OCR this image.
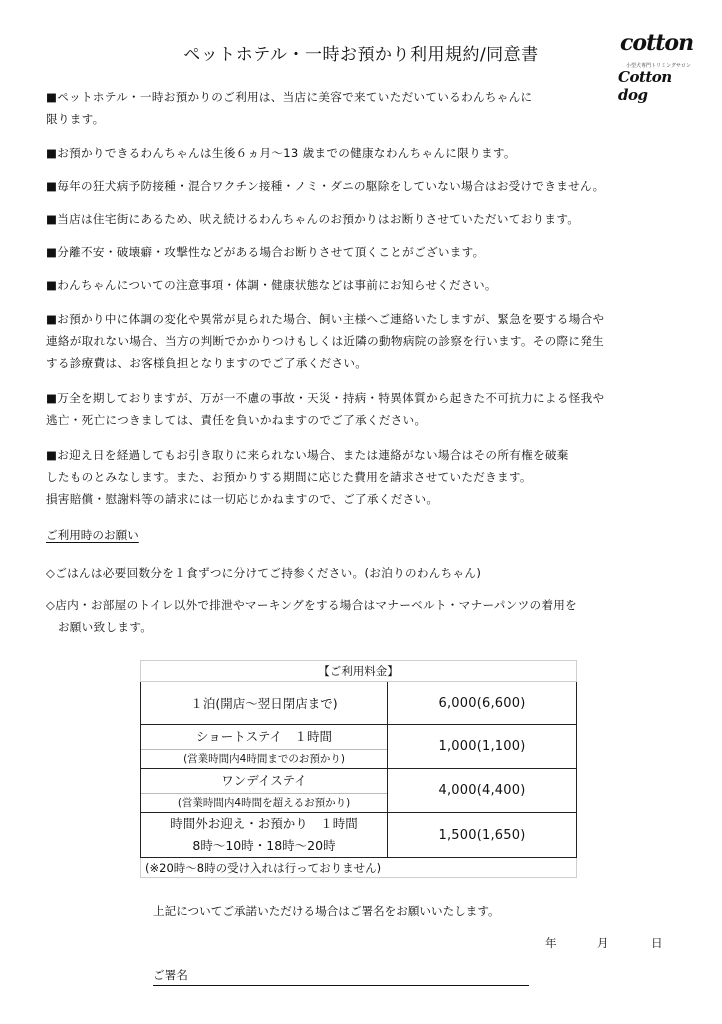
ペットホテル・一時お預かり利用規約/同意書	cotton
小型犬専門トリミングサロン
Cotton dog
■ペットホテル・一時お預かりのご利用は、当店に美容で来ていただいているわんちゃんに
限ります。
■お預かりできるわんちゃんは生後６ヵ月〜13 歳までの健康なわんちゃんに限ります。
■毎年の狂犬病予防接種・混合ワクチン接種・ノミ・ダニの駆除をしていない場合はお受けできません。
■当店は住宅街にあるため、吠え続けるわんちゃんのお預かりはお断りさせていただいております。
■分離不安・破壊癖・攻撃性などがある場合お断りさせて頂くことがございます。
■わんちゃんについての注意事項・体調・健康状態などは事前にお知らせください。
■お預かり中に体調の変化や異常が見られた場合、飼い主様へご連絡いたしますが、緊急を要する場合や
連絡が取れない場合、当方の判断でかかりつけもしくは近隣の動物病院の診察を行います。その際に発生
する診療費は、お客様負担となりますのでご了承ください。
■万全を期しておりますが、万が一不慮の事故・天災・持病・特異体質から起きた不可抗力による怪我や
逃亡・死亡につきましては、責任を負いかねますのでご了承ください。
■お迎え日を経過してもお引き取りに来られない場合、または連絡がない場合はその所有権を破棄
したものとみなします。また、お預かりする期間に応じた費用を請求させていただきます。
損害賠償・慰謝料等の請求には一切応じかねますので、ご了承ください。
ご利用時のお願い
◇ごはんは必要回数分を１食ずつに分けてご持参ください。(お泊りのわんちゃん)
◇店内・お部屋のトイレ以外で排泄やマーキングをする場合はマナーベルト・マナーパンツの着用を
　お願い致します。
【ご利用料金】	
１泊(開店〜翌日閉店まで)	6,000(6,600)

ショートステイ　１時間
(営業時間内4時間までのお預かり)	1,000(1,100)

ワンデイステイ
(営業時間内4時間を超えるお預かり)	4,000(4,400)

時間外お迎え・お預かり　１時間
8時〜10時・18時〜20時	1,500(1,650)
(※20時〜8時の受け入れは行っておりません)
上記についてご承諾いただける場合はご署名をお願いいたします。
年	月	日
ご署名
